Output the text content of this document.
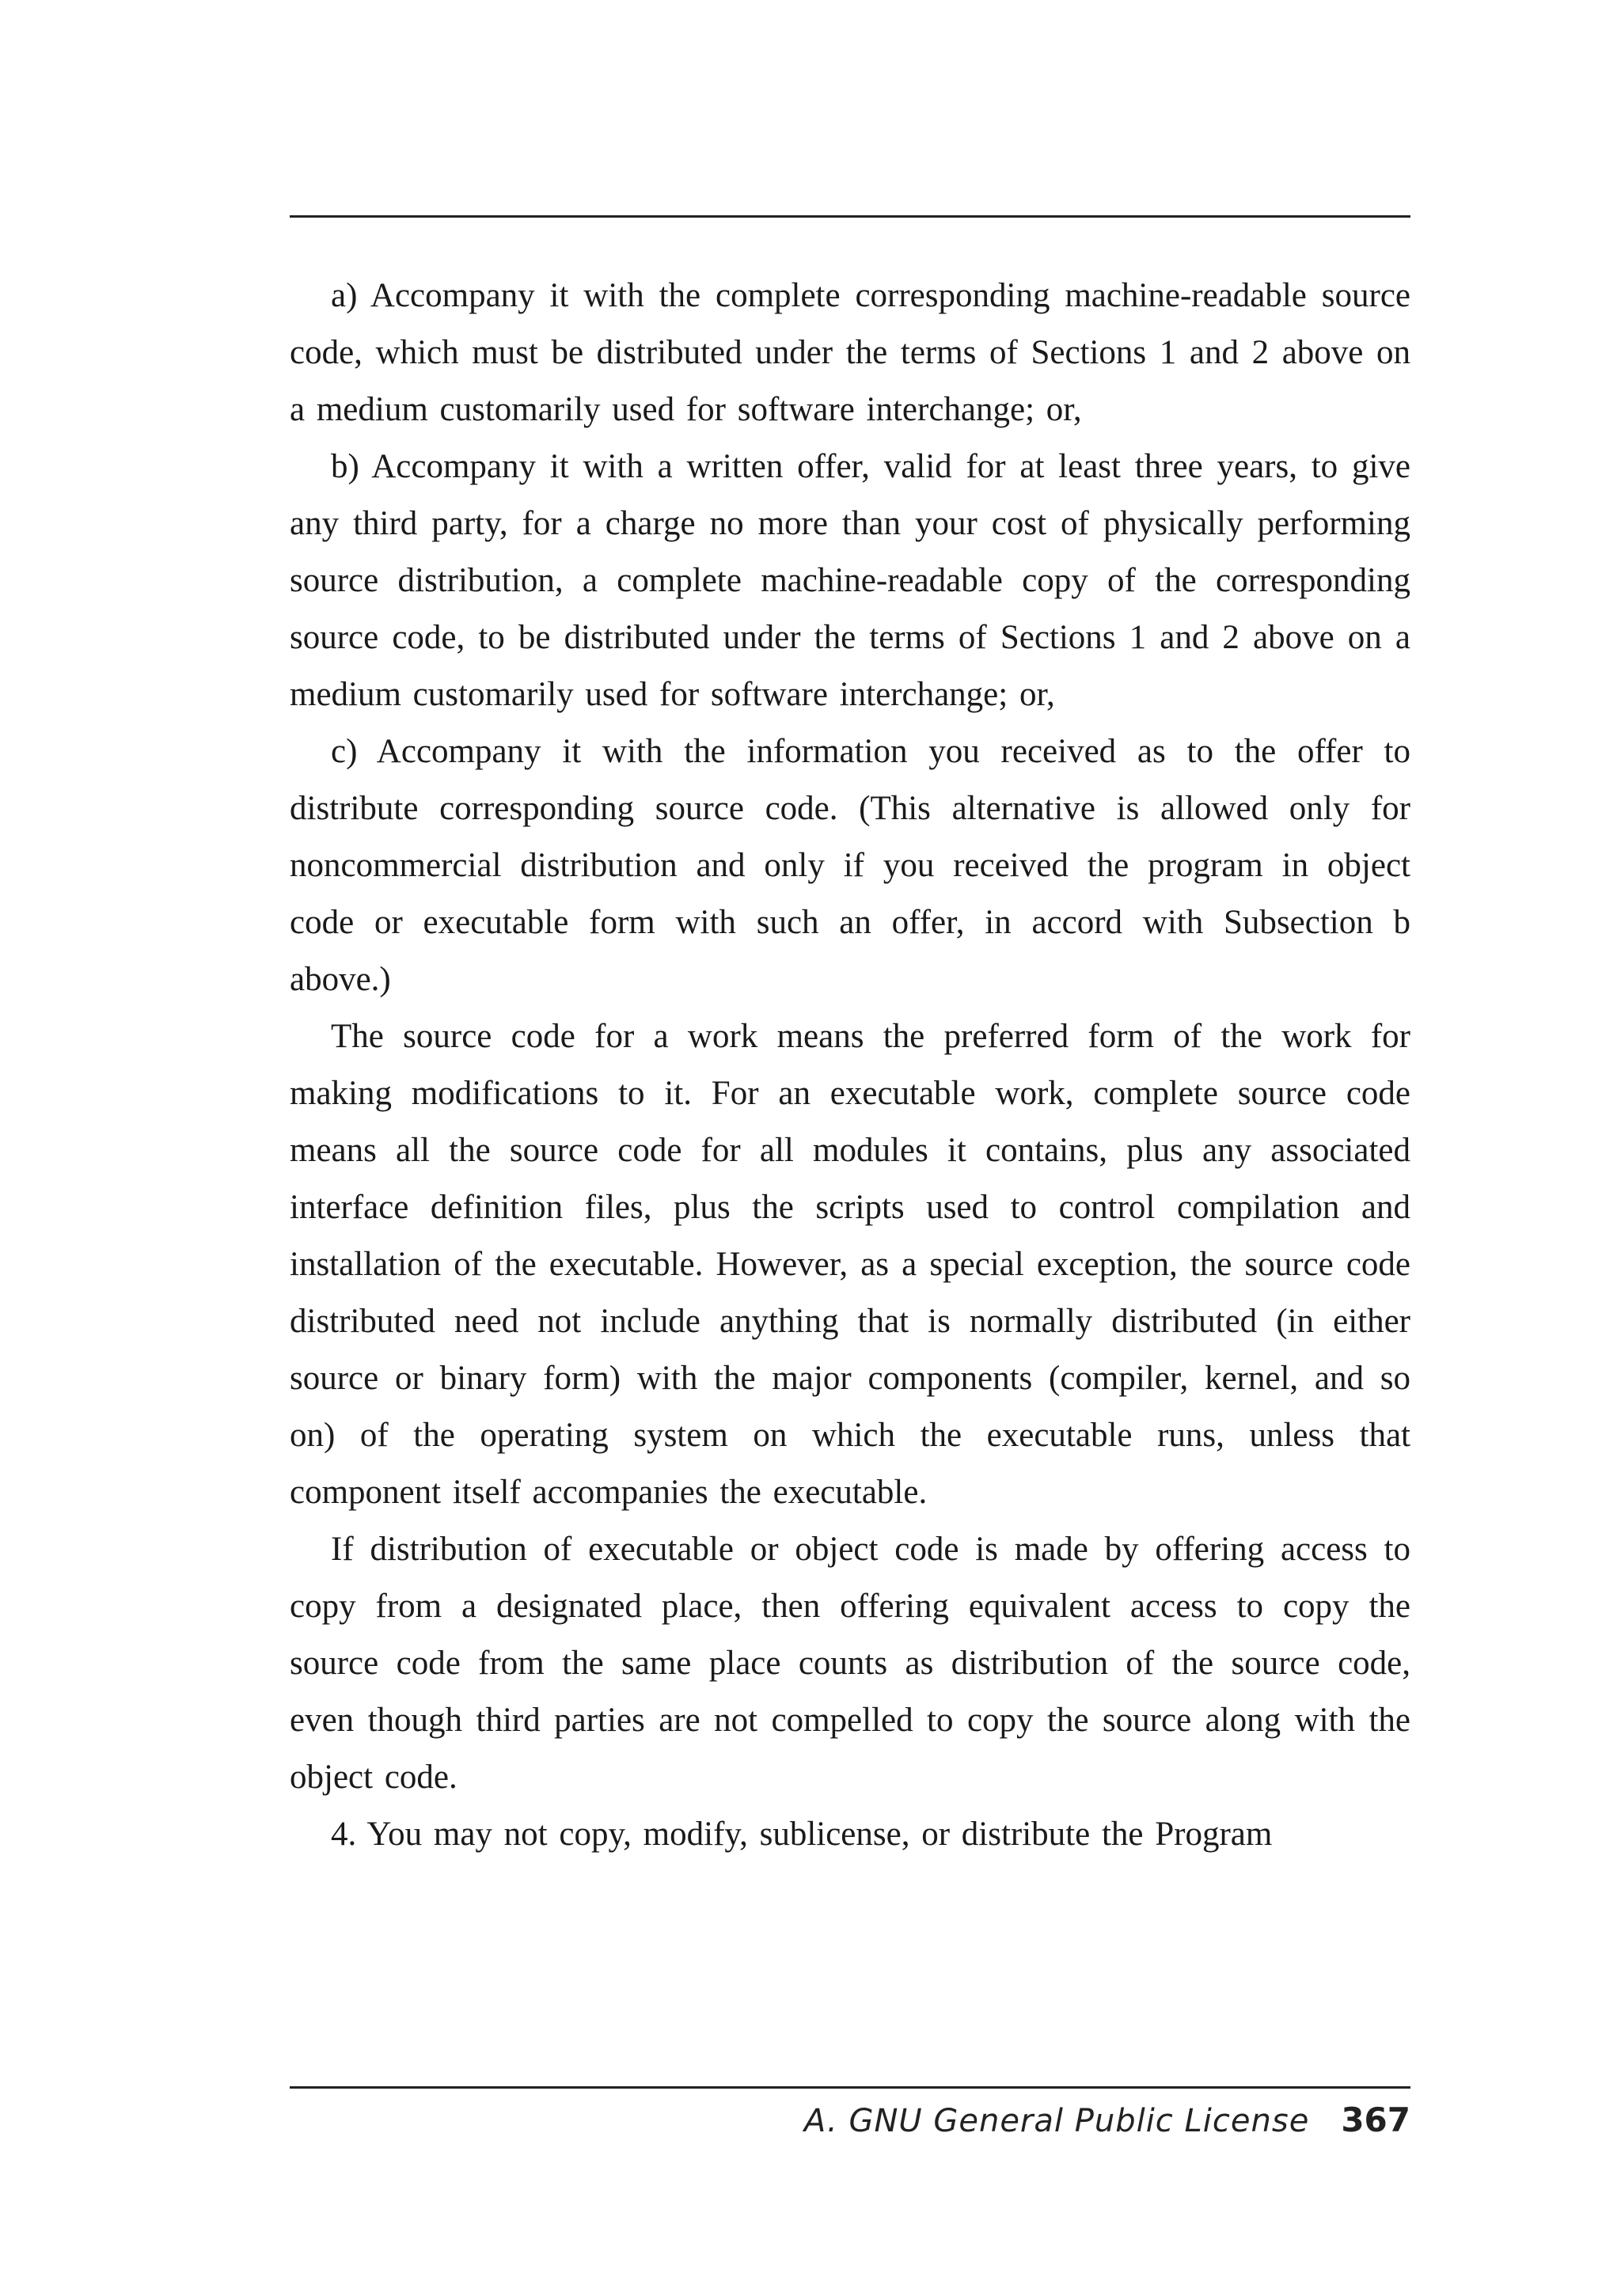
a) Accompany it with the complete corresponding machine-readable source code, which must be distributed under the terms of Sections 1 and 2 above on a medium customarily used for software interchange; or,

b) Accompany it with a written offer, valid for at least three years, to give any third party, for a charge no more than your cost of physically performing source distribution, a complete machine-readable copy of the corresponding source code, to be distributed under the terms of Sections 1 and 2 above on a medium customarily used for software interchange; or,

c) Accompany it with the information you received as to the offer to distribute corresponding source code. (This alternative is allowed only for noncommercial distribution and only if you received the program in object code or executable form with such an offer, in accord with Subsection b above.)

The source code for a work means the preferred form of the work for making modifications to it. For an executable work, complete source code means all the source code for all modules it contains, plus any associated interface definition files, plus the scripts used to control compilation and installation of the executable. However, as a special exception, the source code distributed need not include anything that is normally distributed (in either source or binary form) with the major components (compiler, kernel, and so on) of the operating system on which the executable runs, unless that component itself accompanies the executable.

If distribution of executable or object code is made by offering access to copy from a designated place, then offering equivalent access to copy the source code from the same place counts as distribution of the source code, even though third parties are not compelled to copy the source along with the object code.

4. You may not copy, modify, sublicense, or distribute the Program

A. GNU General Public License 367
